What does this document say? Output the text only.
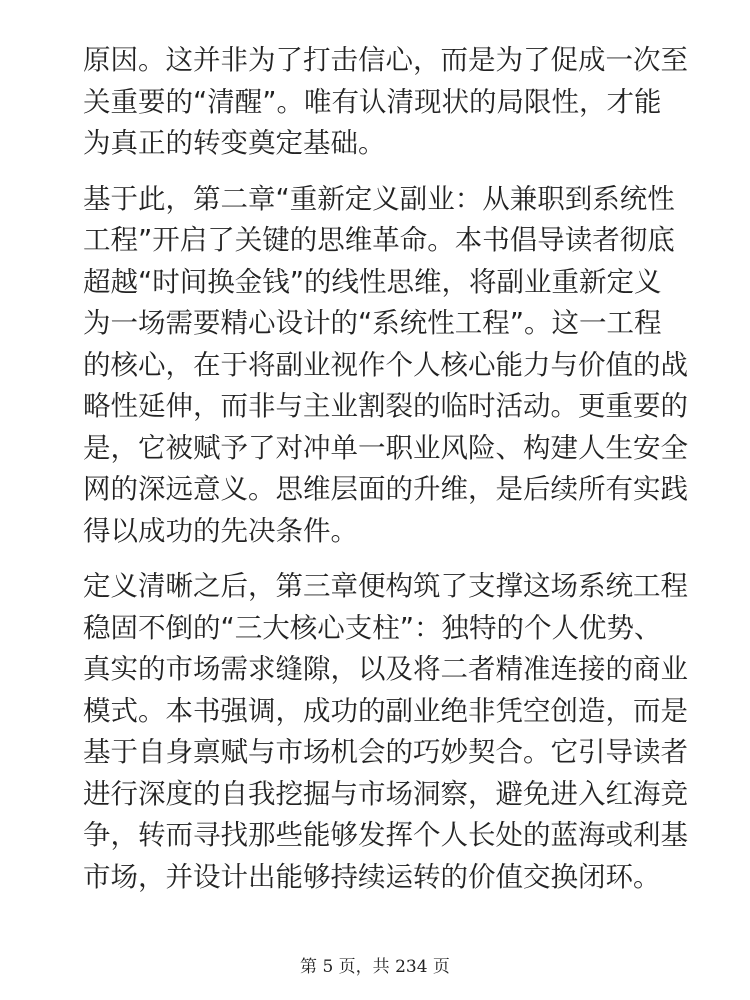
原因。这并非为了打击信心，而是为了促成一次至
关重要的“清醒”。唯有认清现状的局限性，才能
为真正的转变奠定基础。

基于此，第二章“重新定义副业：从兼职到系统性
工程”开启了关键的思维革命。本书倡导读者彻底
超越“时间换金钱”的线性思维，将副业重新定义
为一场需要精心设计的“系统性工程”。这一工程
的核心，在于将副业视作个人核心能力与价值的战
略性延伸，而非与主业割裂的临时活动。更重要的
是，它被赋予了对冲单一职业风险、构建人生安全
网的深远意义。思维层面的升维，是后续所有实践
得以成功的先决条件。

定义清晰之后，第三章便构筑了支撑这场系统工程
稳固不倒的“三大核心支柱”：独特的个人优势、
真实的市场需求缝隙，以及将二者精准连接的商业
模式。本书强调，成功的副业绝非凭空创造，而是
基于自身禀赋与市场机会的巧妙契合。它引导读者
进行深度的自我挖掘与市场洞察，避免进入红海竞
争，转而寻找那些能够发挥个人长处的蓝海或利基
市场，并设计出能够持续运转的价值交换闭环。

第 5 页，共 234 页
